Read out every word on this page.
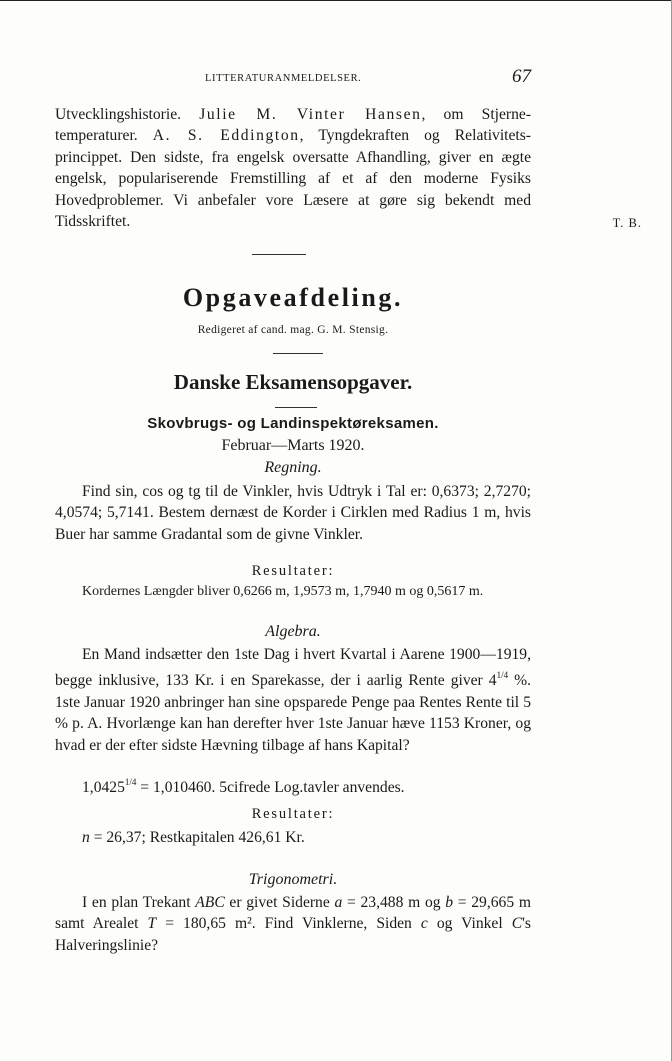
LITTERATURANMELDELSER.	67

Utvecklingshistorie. Julie M. Vinter Hansen, om Stjerne- temperaturer. A. S. Eddington, Tyngdekraften og Relativitets- princippet. Den sidste, fra engelsk oversatte Afhandling, giver en ægte engelsk, populariserende Fremstilling af et af den moderne Fysiks Hovedproblemer. Vi anbefaler vore Læsere at gøre sig bekendt med Tidsskriftet.	T. B.
Opgaveafdeling.
Redigeret af cand. mag. G. M. Stensig.
Danske Eksamensopgaver.
Skovbrugs- og Landinspektøreksamen.
Februar—Marts 1920.
Regning.

Find sin, cos og tg til de Vinkler, hvis Udtryk i Tal er: 0,6373; 2,7270; 4,0574; 5,7141. Bestem dernæst de Korder i Cirklen med Radius 1 m, hvis Buer har samme Gradantal som de givne Vinkler.

Resultater:

Kordernes Længder bliver 0,6266 m, 1,9573 m, 1,7940 m og 0,5617 m.

Algebra.

En Mand indsætter den 1ste Dag i hvert Kvartal i Aarene 1900—1919, begge inklusive, 133 Kr. i en Sparekasse, der i aarlig Rente giver $4^{1/4}$ %. 1ste Januar 1920 anbringer han sine opsparede Penge paa Rentes Rente til 5 % p. A. Hvorlænge kan han derefter hver 1ste Januar hæve 1153 Kroner, og hvad er der efter sidste Hævning tilbage af hans Kapital?

$1,0425^{1/4} = 1,010460$. 5cifrede Log.tavler anvendes.
Resultater:
n = 26,37; Restkapitalen 426,61 Kr.
Trigonometri.

I en plan Trekant ABC er givet Siderne a = 23,488 m og b = 29,665 m samt Arealet T = 180,65 m². Find Vinklerne, Siden c og Vinkel C's Halveringslinie?
